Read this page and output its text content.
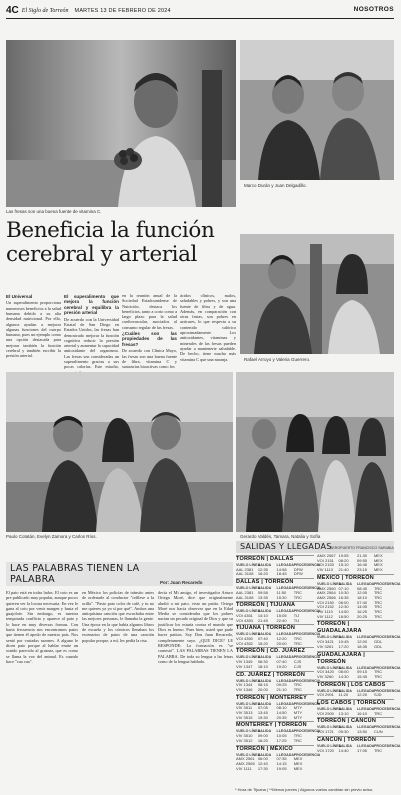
4C El Siglo de Torreón MARTES 13 DE FEBRERO DE 2024	NOSOTROS
Las fresas son una buena fuente de vitamina C.
Marco Durán y Juan Delgadillo.
Beneficia la función cerebral y arterial
El Universal

Un superalimento proporciona numerosos beneficios a la salud humana debido a su alta densidad nutricional. Por ello, algunos ayudan a mejorar algunas funciones del cuerpo humano, pues un ejemplo como una opción destacada para mejorar también la función cerebral y también escribir la presión arterial.

El superalimento que mejora la función cerebral y equilibra la presión arterial

De acuerdo con la Universidad Estatal de San Diego en Estados Unidos, las fresas han demostrado mejorar la función cognitiva reducir la presión arterial y aumentar la capacidad antioxidante del organismo. Las fresas son consideradas un superalimento gracias a sus pocas calorías. Este estudio,

en la reunión anual de la Sociedad Estadounidense de Nutrición, destaca los beneficios, tanto a corto como a largo plazo para la salud cardiovascular, asociados al consumo regular de las fresas.

¿Cuáles son las propiedades de las fresas?

De acuerdo con Clínica Mayo, las fresas son una buena fuente de fibra, vitamina C y sustancias bioactivas como los

ácidos clínicos, malos, saludables y pobres, y son una fuente de fibra y de agua. Además, en comparación con otras frutas, son pobres en azúcares, lo que respecta a su contenido calórico aproximadamente. Los antioxidantes, vitaminas y minerales de las fresas pueden ayudar a mantenerte saludable. De hecho, tiene mucha más vitamina C que una naranja.	Rafael Arroyo y Valeria Guerrero.
Paulo Cotatán, Evelyn Zamora y Carlos Ríos.	Gerardo Valdés, Tamara, Natalia y Sofía
LAS PALABRAS TIENEN LA PALABRA	Por: Juan Recaredo

El pato está en todas lados. El coto es un pre publicado muy popular, aunque pocos quieren ver la locura necesaria. En vez le gana al coto por venir margen y hasta el guajolote. Sin embargo, es nuestra temporada conflicto y aparece al pato y lo hace en muy diversas formas. Con harta frecuencia nos encontramos patos que tienen él apodo de nuestro país. Nos sentó por variadas razones. A alguno le dicen pato porque al hablar emite un sonido parecido al graznar, que es como se llama la voz del animal. Es cuando hace "cua cua".

en México los policías de tránsito antes de ordenarle al conductor "oríllese a la orilla". "Pasto pato color de café, y tu no me quieres ya yo sí por qué". Ambos una antiquísima canción que escuchaba entre las mejores personas, le llamaba la gente. Una época en la que había algunos libros de escuela y los cómicos llenaban los escenarios de patos de una canción popular porque, a mí, les pedía la risa.

decía el Mi amigo, el investigador Arturo Ortega Moré, dice que originalmente aludió a mi pato, visto un patito. Ortega Moré nos hacía observar que en la Edad Media se consideraba que los pobres nacían un pecado original de Dios y que su justificar los estaría contra el mundo que Dios es bueno. Pues bien, usted que pude hacer patitos. Soy Don Juan Recaredo, completamente suyo. ¿QUE DICE? LE RESPONDE: La formación es "se contestó". LAS PALABRAS TIENEN LA PALABRA. De toda su lengua a las letras como de la lengua hablada.

SALIDAS Y LLEGADAS
AEROPUERTO FRANCISCO SARABIA
TORREÓN | DALLAS
VUELO LÍNEA
SALIDA	LLEGADA PROCEDENCIA
AAL 2381	12:35	14:58	DFW
AAL 3108	16:20	18:45	DFW
DALLAS | TORREÓN
VUELO LÍNEA
SALIDA	LLEGADA PROCEDENCIA
AAL 2381	09:58	11:50	TRC
AAL 3108	13:35	15:30	TRC
TORREÓN | TIJUANA
VUELO LÍNEA
SALIDA	LLEGADA PROCEDENCIA
VOI 4351	14:10	15:05	TIJ
VOI 4353	21:45	22:40	TIJ
TIJUANA | TORREÓN
VUELO LÍNEA
SALIDA	LLEGADA PROCEDENCIA
VOI 4350	07:40	12:20	TRC
VOI 4352	15:20	20:00	TRC
TORREÓN | CD. JUÁREZ
VUELO LÍNEA
SALIDA	LLEGADA PROCEDENCIA
VIV 1345	06:30	07:40	CJS
VIV 1347	18:10	19:20	CJS
CD. JUÁREZ | TORREÓN
VUELO LÍNEA
SALIDA	LLEGADA PROCEDENCIA
VIV 1344	08:15	09:25	TRC
VIV 1346	20:00	21:10	TRC
TORREÓN | MONTERREY
VUELO LÍNEA
SALIDA	LLEGADA PROCEDENCIA
VIV 3511	07:05	08:10	MTY
VIV 3513	13:45	14:50	MTY
VIV 3515	19:30	20:35	MTY
MONTERREY | TORREÓN
VUELO LÍNEA
SALIDA	LLEGADA PROCEDENCIA
VIV 3510	09:00	10:05	TRC
VIV 3512	16:20	17:25	TRC
TORREÓN | MÉXICO
VUELO LÍNEA
SALIDA	LLEGADA PROCEDENCIA
AMX 2561 06:00	07:35	MEX
AMX 2565 12:40	14:15	MEX
VIV 1111	17:30	19:05	MEX
AMX 2567 19:55	21:30	MEX
VOI 2151	08:20	09:55	MEX
VOI 2153	15:10	16:45	MEX
VIV 1113	21:40	23:15	MEX
MÉXICO | TORREÓN
VUELO LÍNEA
SALIDA	LLEGADA PROCEDENCIA
AMX 2560 07:10	08:45	TRC
AMX 2564 10:30	12:05	TRC
AMX 2566 16:35	18:10	TRC
VOI 2150	06:00	07:40	TRC
VOI 2152	12:30	14:05	TRC
VIV 1110	14:50	16:25	TRC
VIV 1112	18:50	20:25	TRC
TORREÓN | GUADALAJARA
VUELO LÍNEA
SALIDA	LLEGADA PROCEDENCIA
VOI 3421	10:45	12:00	GDL
VIV 3261	17:20	18:35	GDL
GUADALAJARA | TORREÓN
VUELO LÍNEA
SALIDA	LLEGADA PROCEDENCIA
VOI 3420	08:00	09:15	TRC
VIV 3260	14:30	15:45	TRC
TORREÓN | LOS CABOS
VUELO LÍNEA
SALIDA	LLEGADA PROCEDENCIA
VOI 2901	11:20	12:25	SJD
LOS CABOS | TORREÓN
VUELO LÍNEA
SALIDA	LLEGADA PROCEDENCIA
VOI 2900	13:10	16:10	TRC
TORREÓN | CANCÚN
VUELO LÍNEA
SALIDA	LLEGADA PROCEDENCIA
VOI 1721	09:30	13:50	CUN
CANCÚN | TORREÓN
VUELO LÍNEA
SALIDA	LLEGADA PROCEDENCIA
VOI 1720	14:40	17:05	TRC
* Hora de Tijuana | **Menos jueves | Algunos vuelos cambian sin previo aviso.
